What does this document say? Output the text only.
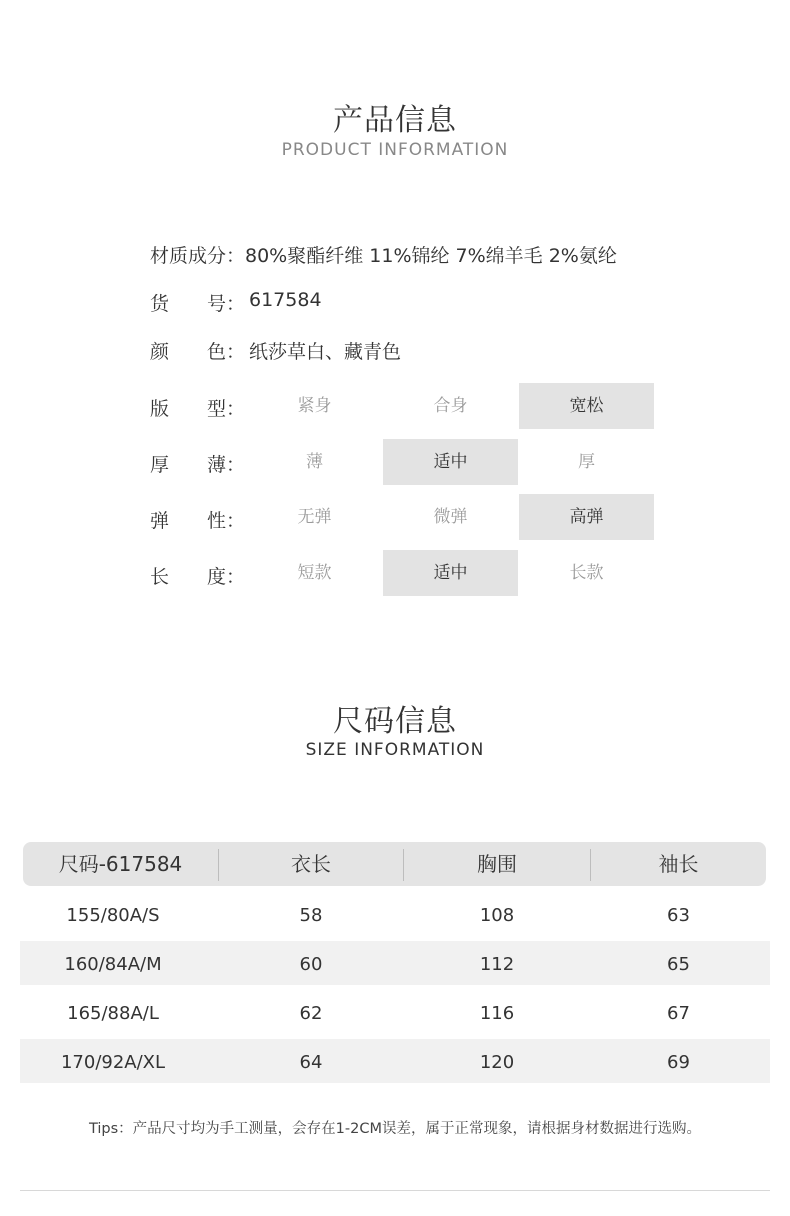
产品信息
PRODUCT INFORMATION
材质成分：80%聚酯纤维 11%锦纶 7%绵羊毛 2%氨纶
货 号： 617584
颜 色： 纸莎草白、藏青色
版 型：	紧身	合身	宽松
厚 薄：	薄	适中	厚
弹 性：	无弹	微弹	高弹
长 度：	短款	适中	长款
尺码信息
SIZE INFORMATION
尺码-617584	衣长	胸围	袖长
155/80A/S	58	108	63
160/84A/M	60	112	65
165/88A/L	62	116	67
170/92A/XL	64	120	69
Tips：产品尺寸均为手工测量，会存在1-2CM误差，属于正常现象，请根据身材数据进行选购。
